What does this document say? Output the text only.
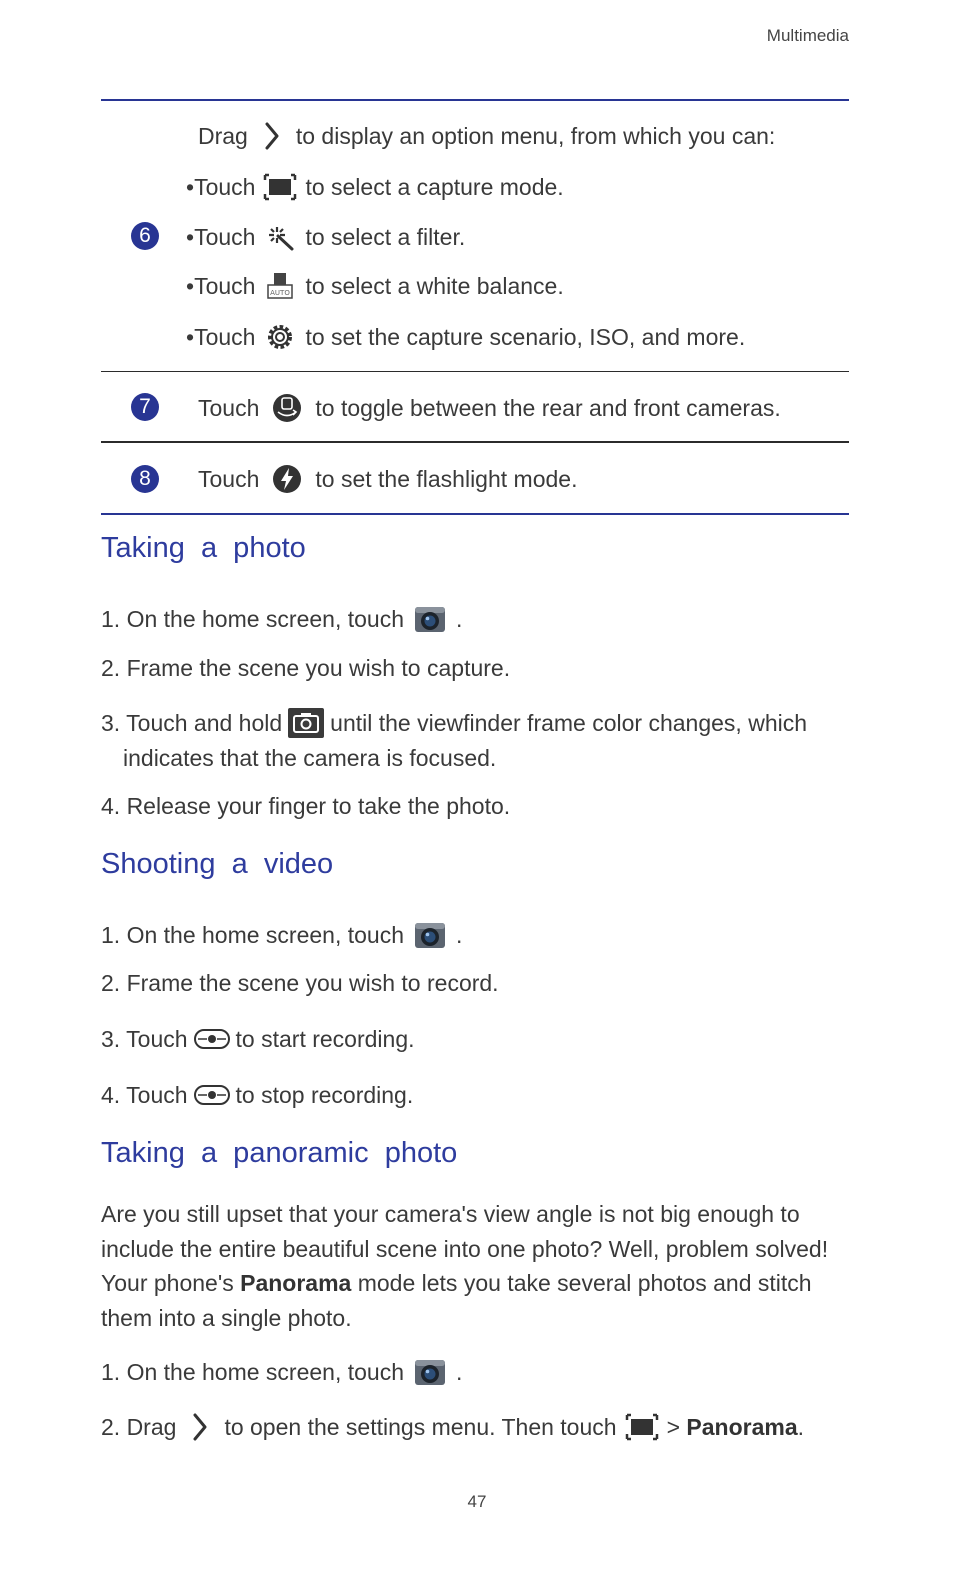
Multimedia
Drag to display an option menu, from which you can:
6
• Touch to select a capture mode.
• Touch to select a filter.
• Touch AUTO to select a white balance.
• Touch to set the capture scenario, ISO, and more.
7	Touch to toggle between the rear and front cameras.
8	Touch to set the flashlight mode.
Taking  a  photo
1. On the home screen, touch .
2. Frame the scene you wish to capture.
3. Touch and hold until the viewfinder frame color changes, which
indicates that the camera is focused.
4. Release your finger to take the photo.
Shooting  a  video
1. On the home screen, touch .
2. Frame the scene you wish to record.
3. Touch to start recording.
4. Touch to stop recording.
Taking  a  panoramic  photo
Are you still upset that your camera's view angle is not big enough to include the entire beautiful scene into one photo? Well, problem solved! Your phone's Panorama mode lets you take several photos and stitch them into a single photo.
1. On the home screen, touch .
2. Drag to open the settings menu. Then touch >
Panorama .
47
